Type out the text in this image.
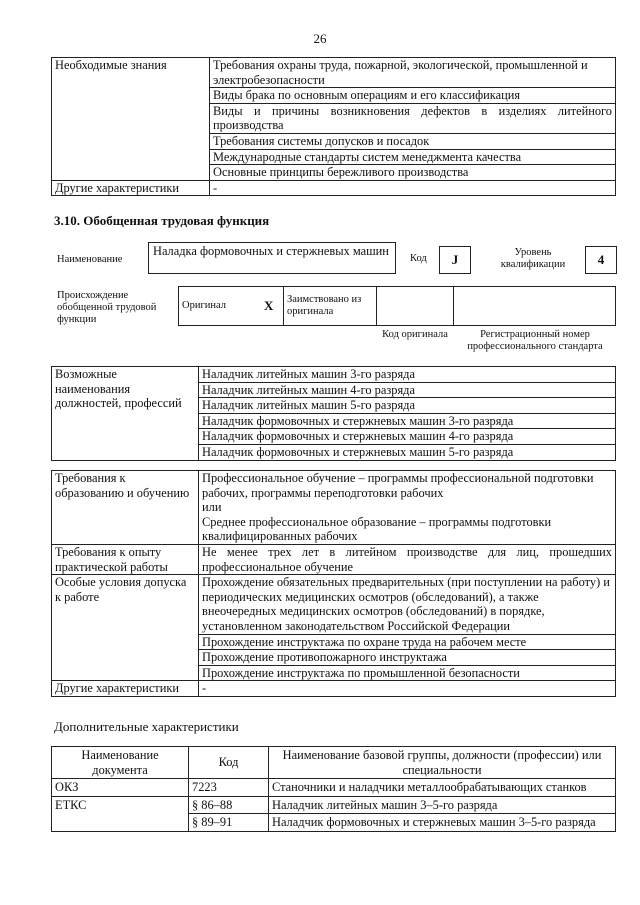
26
Необходимые знания	Требования охраны труда, пожарной, экологической, промышленной и электробезопасности
	Виды брака по основным операциям и его классификация
	Виды и причины возникновения дефектов в изделиях литейного производства
	Требования системы допусков и посадок
	Международные стандарты систем менеджмента качества
	Основные принципы бережливого производства
Другие характеристики	-
3.10. Обобщенная трудовая функция
Наименование
Наладка формовочных и стержневых машин
Код	J	Уровень квалификации	4
Происхождение обобщенной трудовой функции
Оригинал	X	Заимствовано из оригинала		
Код оригинала	Регистрационный номер профессионального стандарта
Возможные наименования должностей, профессий	Наладчик литейных машин 3-го разряда
Наладчик литейных машин 4-го разряда
Наладчик литейных машин 5-го разряда
Наладчик формовочных и стержневых машин 3-го разряда
Наладчик формовочных и стержневых машин 4-го разряда
Наладчик формовочных и стержневых машин 5-го разряда
Требования к образованию и обучению	Профессиональное обучение – программы профессиональной подготовки рабочих, программы переподготовки рабочих
или
Среднее профессиональное образование – программы подготовки квалифицированных рабочих

Требования к опыту практической работы	Не менее трех лет в литейном производстве для лиц, прошедших профессиональное обучение
Особые условия допуска к работе	Прохождение обязательных предварительных (при поступлении на работу) и периодических медицинских осмотров (обследований), а также внеочередных медицинских осмотров (обследований) в порядке, установленном законодательством Российской Федерации
	Прохождение инструктажа по охране труда на рабочем месте
	Прохождение противопожарного инструктажа
	Прохождение инструктажа по промышленной безопасности
Другие характеристики	-
Дополнительные характеристики
Наименование документа	Код	Наименование базовой группы, должности (профессии) или специальности
ОКЗ	7223	Станочники и наладчики металлообрабатывающих станков
ЕТКС	§ 86–88	Наладчик литейных машин 3–5-го разряда
	§ 89–91	Наладчик формовочных и стержневых машин 3–5-го разряда
